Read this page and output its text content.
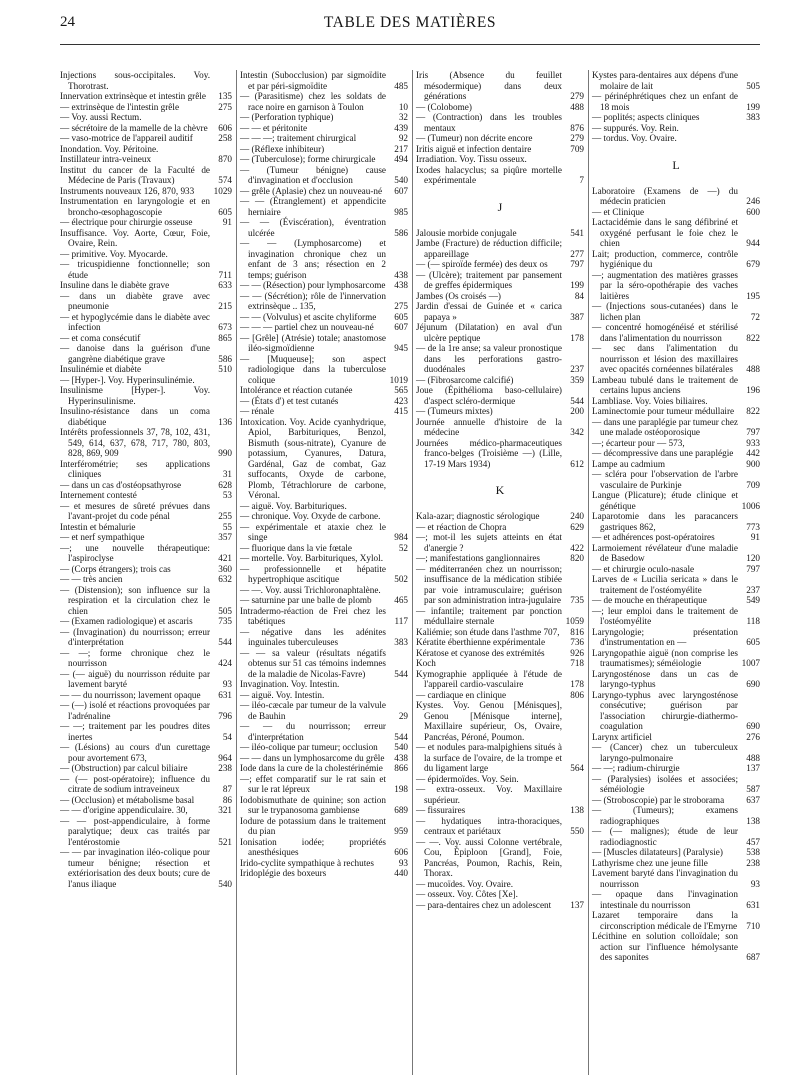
24	TABLE DES MATIÈRES
Injections sous-occipitales. Voy. Thorotrast.
Innervation extrinsèque et intestin grêle	135
— extrinsèque de l'intestin grêle	275
— Voy. aussi Rectum.
— sécrétoire de la mamelle de la chèvre	606
— vaso-motrice de l'appareil auditif	258
Inondation. Voy. Péritoine.
Instillateur intra-veineux	870
Institut du cancer de la Faculté de Médecine de Paris (Travaux)	574
Instruments nouveaux 126, 870, 933	1029
Instrumentation en laryngologie et en broncho-œsophagoscopie	605
— électrique pour chirurgie osseuse	91
Insuffisance. Voy. Aorte, Cœur, Foie, Ovaire, Rein.
— primitive. Voy. Myocarde.
— tricuspidienne fonctionnelle; son étude	711
Insuline dans le diabète grave	633
— dans un diabète grave avec pneumonie	215
— et hypoglycémie dans le diabète avec infection	673
— et coma consécutif	865
— danoise dans la guérison d'une gangrène diabétique grave	586
Insulinémie et diabète	510
— [Hyper-]. Voy. Hyperinsulinémie.
Insulinisme [Hyper-]. Voy. Hyperinsulinisme.
Insulino-résistance dans un coma diabétique	136
Intérêts professionnels 37, 78, 102, 431, 549, 614, 637, 678, 717, 780, 803, 828, 869, 909	990
Interférométrie; ses applications cliniques	31
— dans un cas d'ostéopsathyrose	628
Internement contesté	53
— et mesures de sûreté prévues dans l'avant-projet du code pénal	255
Intestin et bémalurie	55
— et nerf sympathique	357
—; une nouvelle thérapeutique: l'aspiroclyse	421
— (Corps étrangers); trois cas	360
— — très ancien	632
— (Distension); son influence sur la respiration et la circulation chez le chien	505
— (Examen radiologique) et ascaris	735
— (Invagination) du nourrisson; erreur d'interprétation	544
— —; forme chronique chez le nourrisson	424
— (— aiguë) du nourrisson réduite par lavement baryté	93
— — du nourrisson; lavement opaque	631
— (—) isolé et réactions provoquées par l'adrénaline	796
— —; traitement par les poudres dites inertes	54
— (Lésions) au cours d'un curettage pour avortement 673,	964
— (Obstruction) par calcul biliaire	238
— (— post-opératoire); influence du citrate de sodium intraveineux	87
— (Occlusion) et métabolisme basal	86
— — d'origine appendiculaire. 30,	321
— — post-appendiculaire, à forme paralytique; deux cas traités par l'entérostomie	521
— — par invagination iléo-colique pour tumeur bénigne; résection et extériorisation des deux bouts; cure de l'anus iliaque	540
Intestin (Subocclusion) par sigmoïdite et par péri-sigmoïdite	485
— (Parasitisme) chez les soldats de race noire en garnison à Toulon	10
— (Perforation typhique)	32
— — et péritonite	439
— — —; traitement chirurgical	92
— (Réflexe inhibiteur)	217
— (Tuberculose); forme chirurgicale	494
— (Tumeur bénigne) cause d'invagination et d'occlusion	540
— grêle (Aplasie) chez un nouveau-né	607
— — (Étranglement) et appendicite herniaire	985
— — (Éviscération), éventration ulcérée	586
— — (Lymphosarcome) et invagination chronique chez un enfant de 3 ans; résection en 2 temps; guérison	438
— — (Résection) pour lymphosarcome 438
— — (Sécrétion); rôle de l'innervation extrinsèque .. 135,	275
— — (Volvulus) et ascite chyliforme	605
— — — partiel chez un nouveau-né	607
— [Grêle] (Atrésie) totale; anastomose iléo-sigmoïdienne	945
— [Muqueuse]; son aspect radiologique dans la tuberculose colique	1019
Intolérance et réaction cutanée	565
— (États d') et test cutanés	423
— rénale	415
Intoxication. Voy. Acide cyanhydrique, Apiol, Barbituriques, Benzol, Bismuth (sous-nitrate), Cyanure de potassium, Cyanures, Datura, Gardénal, Gaz de combat, Gaz suffocants, Oxyde de carbone, Plomb, Tétrachlorure de carbone, Véronal.
— aiguë. Voy. Barbituriques.
— chronique. Voy. Oxyde de carbone.
— expérimentale et ataxie chez le singe	984
— fluorique dans la vie fœtale	52
— mortelle. Voy. Barbituriques, Xylol.
— professionnelle et hépatite hypertrophique ascitique	502
— —. Voy. aussi Trichloronaphtalène.
— saturnine par une balle de plomb	465
Intradermo-réaction de Frei chez les tabétiques	117
— négative dans les adénites inguinales tuberculeuses	383
— — sa valeur (résultats négatifs obtenus sur 51 cas témoins indemnes de la maladie de Nicolas-Favre)	544
Invagination. Voy. Intestin.
— aiguë. Voy. Intestin.
— iléo-cæcale par tumeur de la valvule de Bauhin	29
— — du nourrisson; erreur d'interprétation	544
— iléo-colique par tumeur; occlusion	540
— — dans un lymphosarcome du grêle	438
Iode dans la cure de la cholestérinémie	866
—; effet comparatif sur le rat sain et sur le rat lépreux	198
Iodobismuthate de quinine; son action sur le trypanosoma gambiense	689
Iodure de potassium dans le traitement du pian	959
Ionisation iodée; propriétés anesthésiques	606
Irido-cyclite sympathique à rechutes	93
Iridoplégie des boxeurs	440
Iris (Absence du feuillet mésodermique) dans deux générations	279
— (Colobome)	488
— (Contraction) dans les troubles mentaux	876
— (Tumeur) non décrite encore	279
Iritis aiguë et infection dentaire	709
Irradiation. Voy. Tissu osseux.
Ixodes halacyclus; sa piqûre mortelle expérimentale	7
J
Jalousie morbide conjugale	541
Jambe (Fracture) de réduction difficile; appareillage	277
— (— spiroïde fermée) des deux os	797
— (Ulcère); traitement par pansement de greffes épidermiques	199
Jambes (Os croisés —)	84
Jardin d'essai de Guinée et « carica papaya »	387
Jéjunum (Dilatation) en aval d'un ulcère peptique	178
— de la 1re anse; sa valeur pronostique dans les perforations gastro-duodénales	237
— (Fibrosarcome calcifié)	359
Joue (Épithélioma baso-cellulaire) d'aspect scléro-dermique	544
— (Tumeurs mixtes)	200
Journée annuelle d'histoire de la médecine	342
Journées médico-pharmaceutiques franco-belges (Troisième —) (Lille, 17-19 Mars 1934)	612
K
Kala-azar; diagnostic sérologique	240
— et réaction de Chopra	629
—; mot-il les sujets atteints en état d'anergie ?	422
—; manifestations ganglionnaires	820
— méditerranéen chez un nourrisson; insuffisance de la médication stibiée par voie intramusculaire; guérison par son administration intra-jugulaire	735
— infantile; traitement par ponction médullaire sternale	1059
Kaliémie; son étude dans l'asthme 707,	816
Kératite éberthienne expérimentale	736
Kératose et cyanose des extrémités	926
Koch	718
Kymographie appliquée à l'étude de l'appareil cardio-vasculaire	178
— cardiaque en clinique	806
Kystes. Voy. Genou [Ménisques], Genou [Ménisque interne], Maxillaire supérieur, Os, Ovaire, Pancréas, Péroné, Poumon.
— et nodules para-malpighiens situés à la surface de l'ovaire, de la trompe et du ligament large	564
— épidermoïdes. Voy. Sein.
— extra-osseux. Voy. Maxillaire supérieur.
— fissuraires	138
— hydatiques intra-thoraciques, centraux et pariétaux	550
— —. Voy. aussi Colonne vertébrale, Cou, Épiploon [Grand], Foie, Pancréas, Poumon, Rachis, Rein, Thorax.
— mucoïdes. Voy. Ovaire.
— osseux. Voy. Côtes [Xe].
— para-dentaires chez un adolescent	137
Kystes para-dentaires aux dépens d'une molaire de lait	505
— périnéphrétiques chez un enfant de 18 mois	199
— poplités; aspects cliniques	383
— suppurés. Voy. Rein.
— tordus. Voy. Ovaire.
L
Laboratoire (Examens de —) du médecin praticien	246
— et Clinique	600
Lactacidémie dans le sang défibriné et oxygéné perfusant le foie chez le chien	944
Lait; production, commerce, contrôle hygiénique du	679
—; augmentation des matières grasses par la séro-opothérapie des vaches laitières	195
— (Injections sous-cutanées) dans le lichen plan	72
— concentré homogénéisé et stérilisé dans l'alimentation du nourrisson	822
— sec dans l'alimentation du nourrisson et lésion des maxillaires avec opacités cornéennes bilatérales	488
Lambeau tubulé dans le traitement de certains lupus anciens	196
Lambliase. Voy. Voies biliaires.
Laminectomie pour tumeur médullaire	822
— dans une paraplégie par tumeur chez une malade ostéoporosique	797
—; écarteur pour — 573,	933
— décompressive dans une paraplégie	442
Lampe au cadmium	900
— scléra pour l'observation de l'arbre vasculaire de Purkinje	709
Langue (Plicature); étude clinique et génétique	1006
Laparotomie dans les paracancers gastriques 862,	773
— et adhérences post-opératoires	91
Larmoiement révélateur d'une maladie de Basedow	120
— et chirurgie oculo-nasale	797
Larves de « Lucilia sericata » dans le traitement de l'ostéomyélite	237
— de mouche en thérapeutique	549
—; leur emploi dans le traitement de l'ostéomyélite	118
Laryngologie; présentation d'instrumentation en —	605
Laryngopathie aiguë (non comprise les traumatismes); séméiologie	1007
Laryngosténose dans un cas de laryngo-typhus	690
Laryngo-typhus avec laryngosténose consécutive; guérison par l'association chirurgie-diathermo-coagulation	690
Larynx artificiel	276
— (Cancer) chez un tuberculeux laryngo-pulmonaire	488
— —; radium-chirurgie	137
— (Paralysies) isolées et associées; séméiologie	587
— (Stroboscopie) par le stroborama	637
— (Tumeurs); examens radiographiques	138
— (— malignes); étude de leur radiodiagnostic	457
— [Muscles dilatateurs] (Paralysie)	538
Lathyrisme chez une jeune fille	238
Lavement baryté dans l'invagination du nourrisson	93
— opaque dans l'invagination intestinale du nourrisson	631
Lazaret temporaire dans la circonscription médicale de l'Emyrne 710
Lécithine en solution colloïdale; son action sur l'influence hémolysante des saponites	687
